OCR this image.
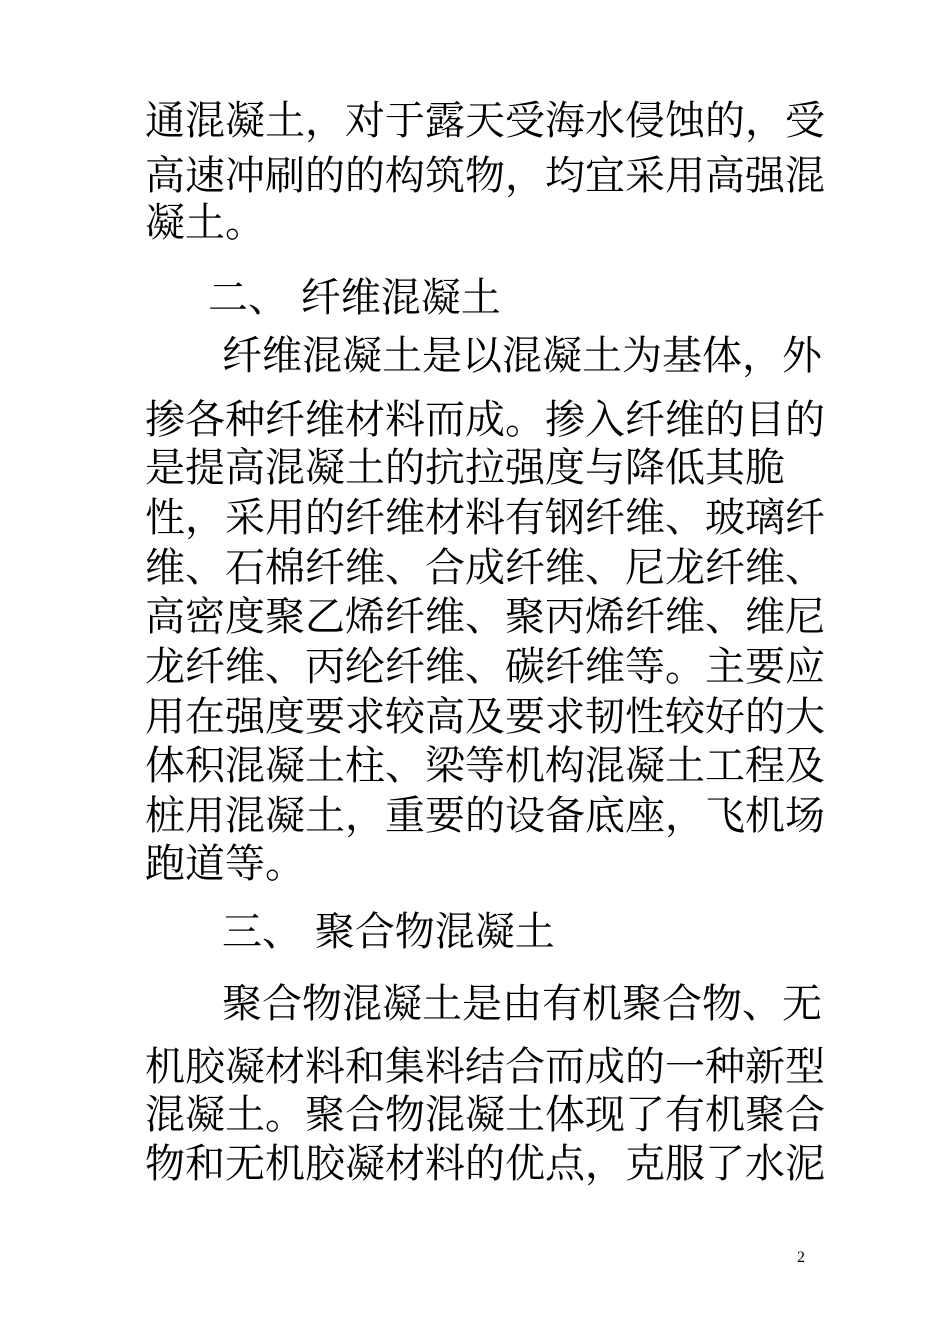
通混凝土，对于露天受海水侵蚀的，受

高速冲刷的的构筑物，均宜采用高强混

凝土。

二、 纤维混凝土

纤维混凝土是以混凝土为基体，外

掺各种纤维材料而成。掺入纤维的目的

是提高混凝土的抗拉强度与降低其脆

性，采用的纤维材料有钢纤维、玻璃纤

维、石棉纤维、合成纤维、尼龙纤维、

高密度聚乙烯纤维、聚丙烯纤维、维尼

龙纤维、丙纶纤维、碳纤维等。主要应

用在强度要求较高及要求韧性较好的大

体积混凝土柱、梁等机构混凝土工程及

桩用混凝土，重要的设备底座，飞机场

跑道等。

三、 聚合物混凝土

聚合物混凝土是由有机聚合物、无

机胶凝材料和集料结合而成的一种新型

混凝土。聚合物混凝土体现了有机聚合

物和无机胶凝材料的优点，克服了水泥

2
